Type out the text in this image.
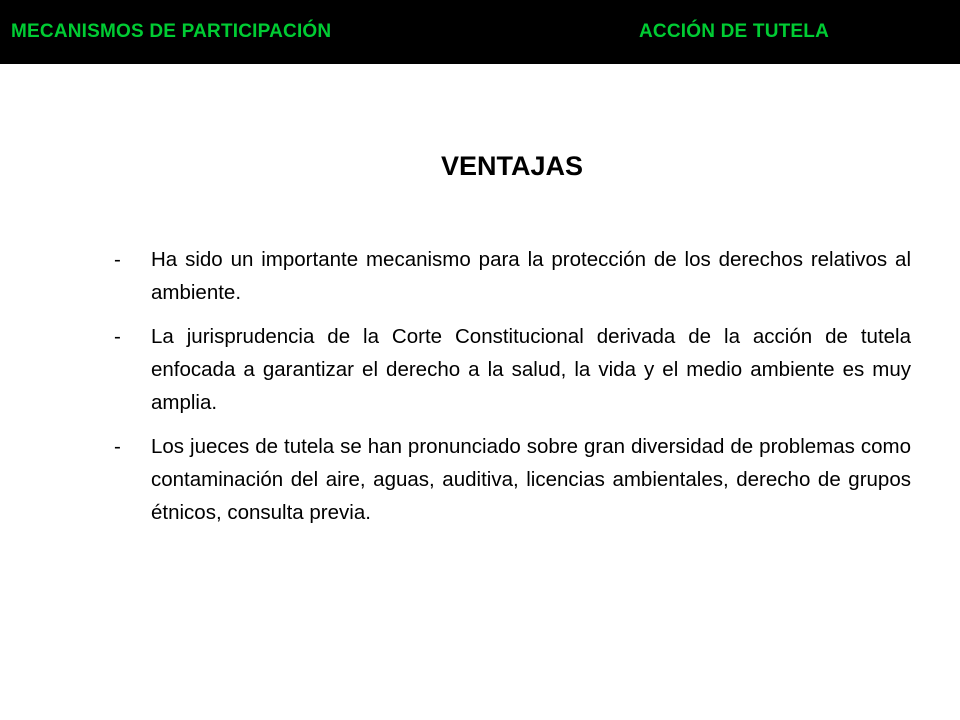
MECANISMOS DE PARTICIPACIÓN	ACCIÓN DE TUTELA
VENTAJAS
- Ha sido un importante mecanismo para la protección de los derechos relativos al ambiente.
- La jurisprudencia de la Corte Constitucional derivada de la acción de tutela enfocada a garantizar el derecho a la salud, la vida y el medio ambiente es muy amplia.
- Los jueces de tutela se han pronunciado sobre gran diversidad de problemas como contaminación del aire, aguas, auditiva, licencias ambientales, derecho de grupos étnicos, consulta previa.
